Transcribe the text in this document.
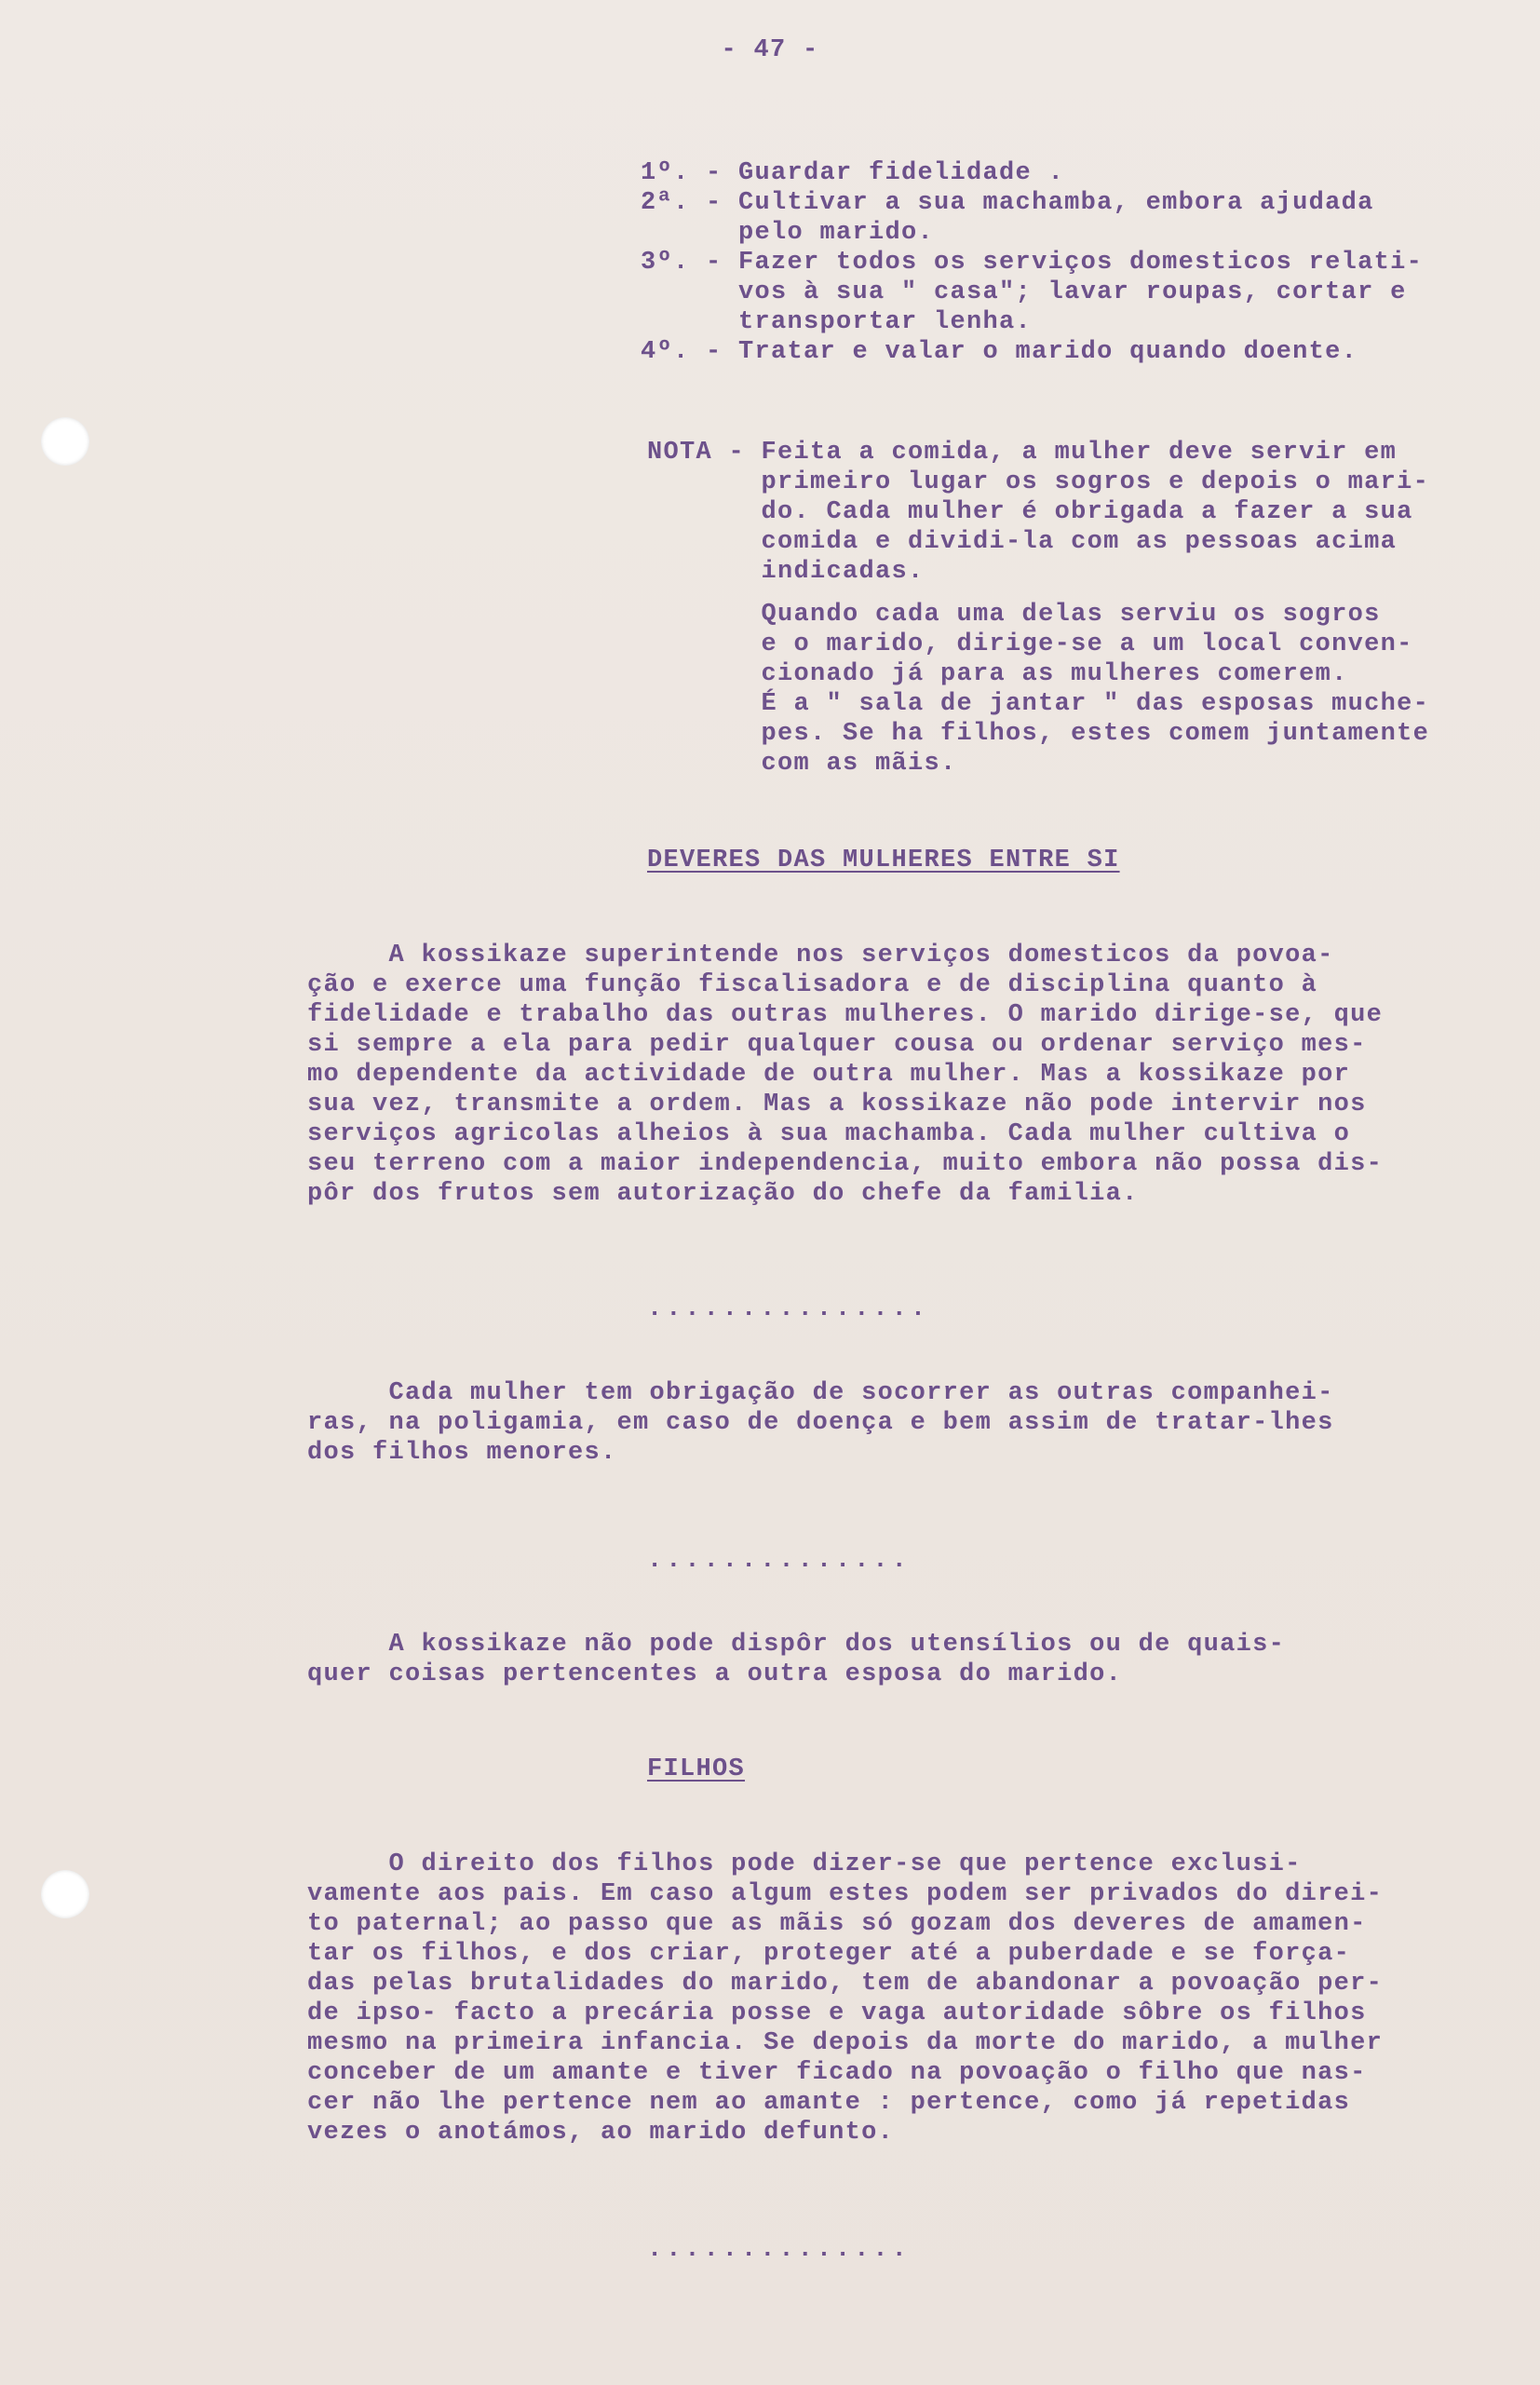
- 47 -
1º. - Guardar fidelidade .
2ª. - Cultivar a sua machamba, embora ajudada
pelo marido.
3º. - Fazer todos os serviços domesticos relati-
vos à sua " casa"; lavar roupas, cortar e
transportar lenha.
4º. - Tratar e valar o marido quando doente.
NOTA - Feita a comida, a mulher deve servir em
primeiro lugar os sogros e depois o mari-
do. Cada mulher é obrigada a fazer a sua
comida e dividi-la com as pessoas acima
indicadas.
Quando cada uma delas serviu os sogros
e o marido, dirige-se a um local conven-
cionado já para as mulheres comerem.
É a " sala de jantar " das esposas muche-
pes. Se ha filhos, estes comem juntamente
com as mãis.
DEVERES DAS MULHERES ENTRE SI
A kossikaze superintende nos serviços domesticos da povoa-
ção e exerce uma função fiscalisadora e de disciplina quanto à
fidelidade e trabalho das outras mulheres. O marido dirige-se, que
si sempre a ela para pedir qualquer cousa ou ordenar serviço mes-
mo dependente da actividade de outra mulher. Mas a kossikaze por
sua vez, transmite a ordem. Mas a kossikaze não pode intervir nos
serviços agricolas alheios à sua machamba. Cada mulher cultiva o
seu terreno com a maior independencia, muito embora não possa dis-
pôr dos frutos sem autorização do chefe da familia.
...............
Cada mulher tem obrigação de socorrer as outras companhei-
ras, na poligamia, em caso de doença e bem assim de tratar-lhes
dos filhos menores.
..............
A kossikaze não pode dispôr dos utensílios ou de quais-
quer coisas pertencentes a outra esposa do marido.
FILHOS
O direito dos filhos pode dizer-se que pertence exclusi-
vamente aos pais. Em caso algum estes podem ser privados do direi-
to paternal; ao passo que as mãis só gozam dos deveres de amamen-
tar os filhos, e dos criar, proteger até a puberdade e se força-
das pelas brutalidades do marido, tem de abandonar a povoação per-
de ipso- facto a precária posse e vaga autoridade sôbre os filhos
mesmo na primeira infancia. Se depois da morte do marido, a mulher
conceber de um amante e tiver ficado na povoação o filho que nas-
cer não lhe pertence nem ao amante : pertence, como já repetidas
vezes o anotámos, ao marido defunto.
..............
